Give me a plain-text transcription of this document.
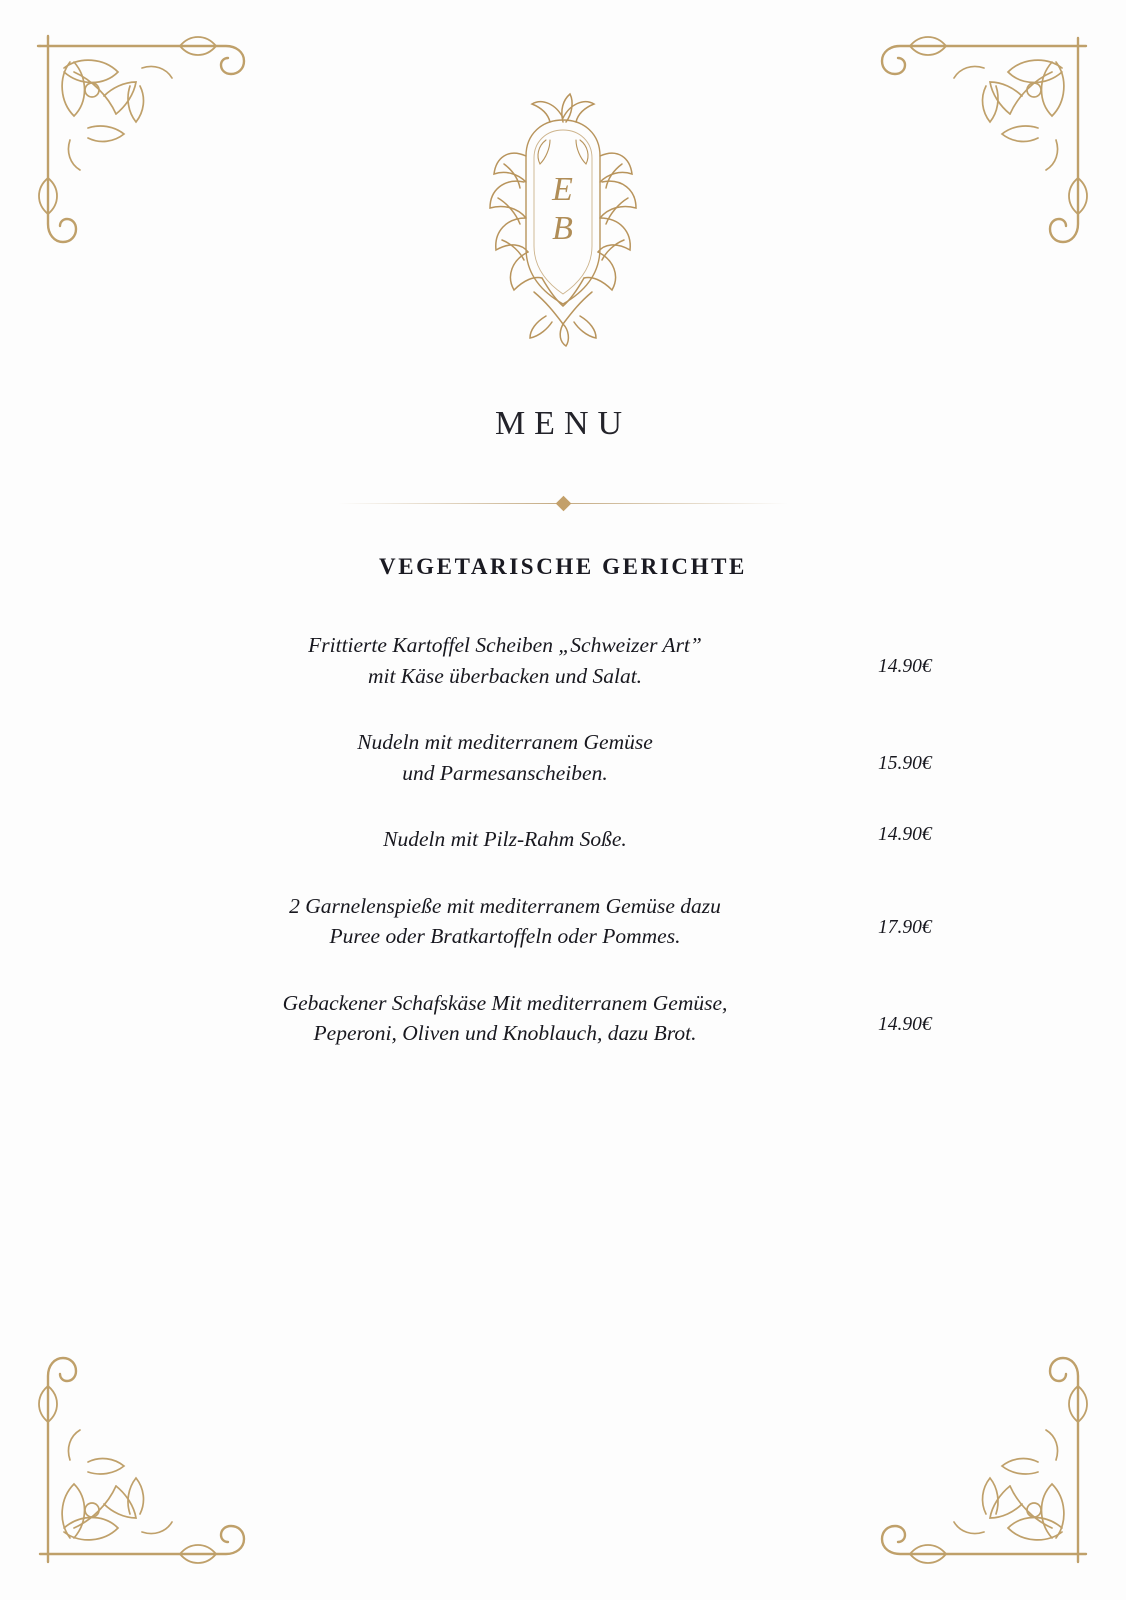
E
B
MENU
VEGETARISCHE GERICHTE
Frittierte Kartoffel Scheiben „Schweizer Art”
mit Käse überbacken und Salat.	14.90€
Nudeln mit mediterranem Gemüse
und Parmesanscheiben.	15.90€
Nudeln mit Pilz-Rahm Soße.	14.90€
2 Garnelenspieße mit mediterranem Gemüse dazu
Puree oder Bratkartoffeln oder Pommes.	17.90€
Gebackener Schafskäse Mit mediterranem Gemüse,
Peperoni, Oliven und Knoblauch, dazu Brot.	14.90€
